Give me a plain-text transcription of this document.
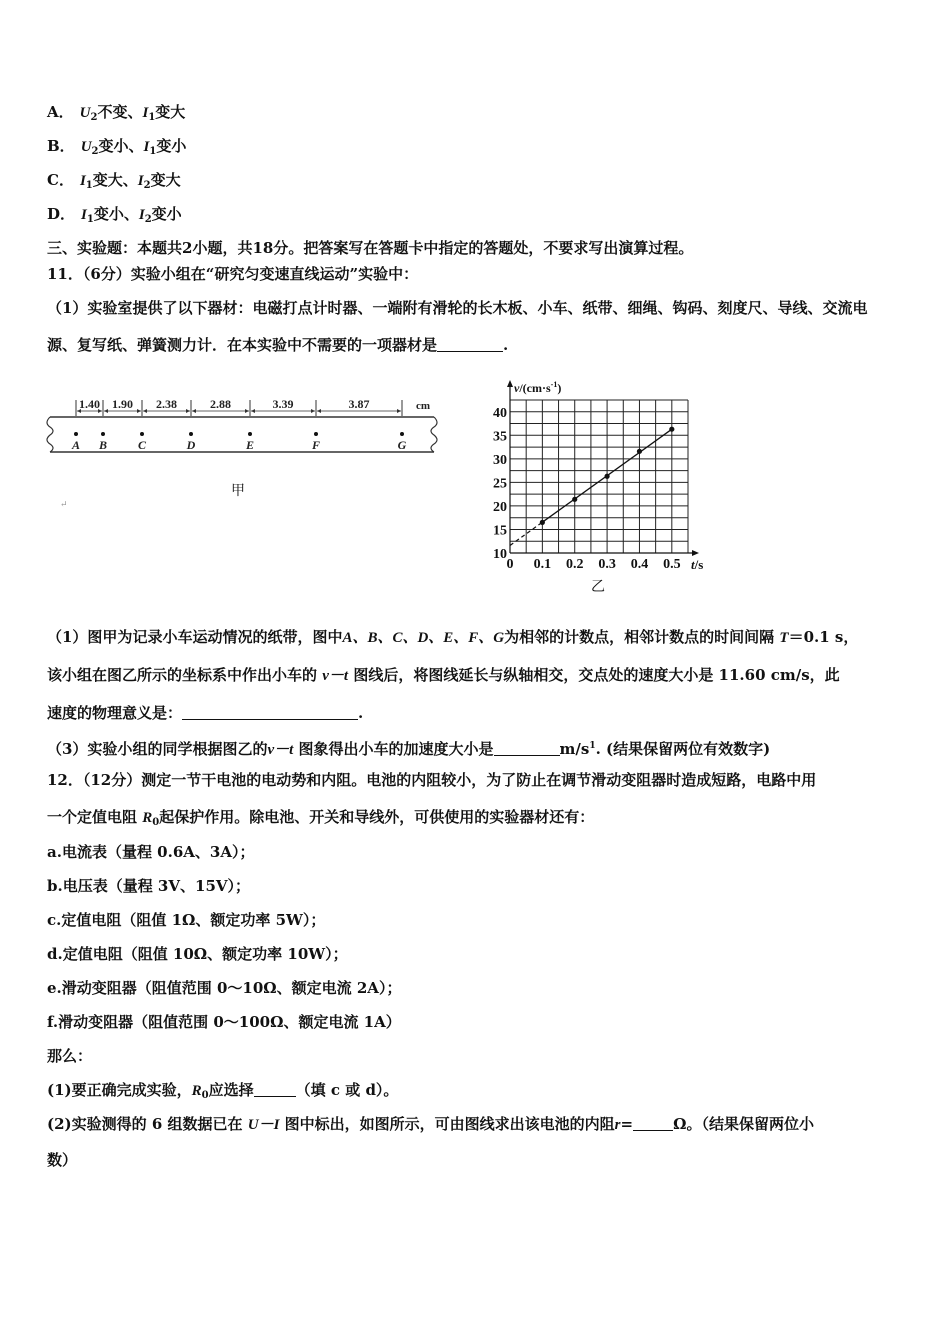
A． $U_2$不变、$I_1$变大
B． $U_2$变小、$I_1$变小
C． $I_1$变大、$I_2$变大
D． $I_1$变小、$I_2$变小
三、实验题：本题共2小题，共18分。把答案写在答题卡中指定的答题处，不要求写出演算过程。
11．（6分）实验小组在“研究匀变速直线运动”实验中：
（1）实验室提供了以下器材：电磁打点计时器、一端附有滑轮的长木板、小车、纸带、细绳、钩码、刻度尺、导线、交流电
源、复写纸、弹簧测力计．在本实验中不需要的一项器材是	.
1.40 1.90 2.38	2.88	3.39	3.87	cm
A B	C	D	E	F	G
甲
↵
$v/(cm\cdot s^{-1})$
10
15
20
25
30
35
40
0 0.1 0.2 0.3 0.4 0.5 t/s
乙
（1）图甲为记录小车运动情况的纸带，图中A、B、C、D、E、F、G为相邻的计数点，相邻计数点的时间间隔 T＝0.1 s，
该小组在图乙所示的坐标系中作出小车的 v－t 图线后，将图线延长与纵轴相交，交点处的速度大小是 11.60 cm/s，此
速度的物理意义是：	.
（3）实验小组的同学根据图乙的v－t 图象得出小车的加速度大小是	$m/s^1$. (结果保留两位有效数字)
12．（12分）测定一节干电池的电动势和内阻。电池的内阻较小，为了防止在调节滑动变阻器时造成短路，电路中用
一个定值电阻 $R_0$起保护作用。除电池、开关和导线外，可供使用的实验器材还有：
a.电流表（量程 0.6A、3A）；
b.电压表（量程 3V、15V）；
c.定值电阻（阻值 1Ω、额定功率 5W）；
d.定值电阻（阻值 10Ω、额定功率 10W）；
e.滑动变阻器（阻值范围 0～10Ω、额定电流 2A）；
f.滑动变阻器（阻值范围 0～100Ω、额定电流 1A）
那么：
(1)要正确完成实验，$R_0$应选择	（填 c 或 d）。
(2)实验测得的 6 组数据已在 U－I 图中标出，如图所示，可由图线求出该电池的内阻r=	Ω。（结果保留两位小
数）
